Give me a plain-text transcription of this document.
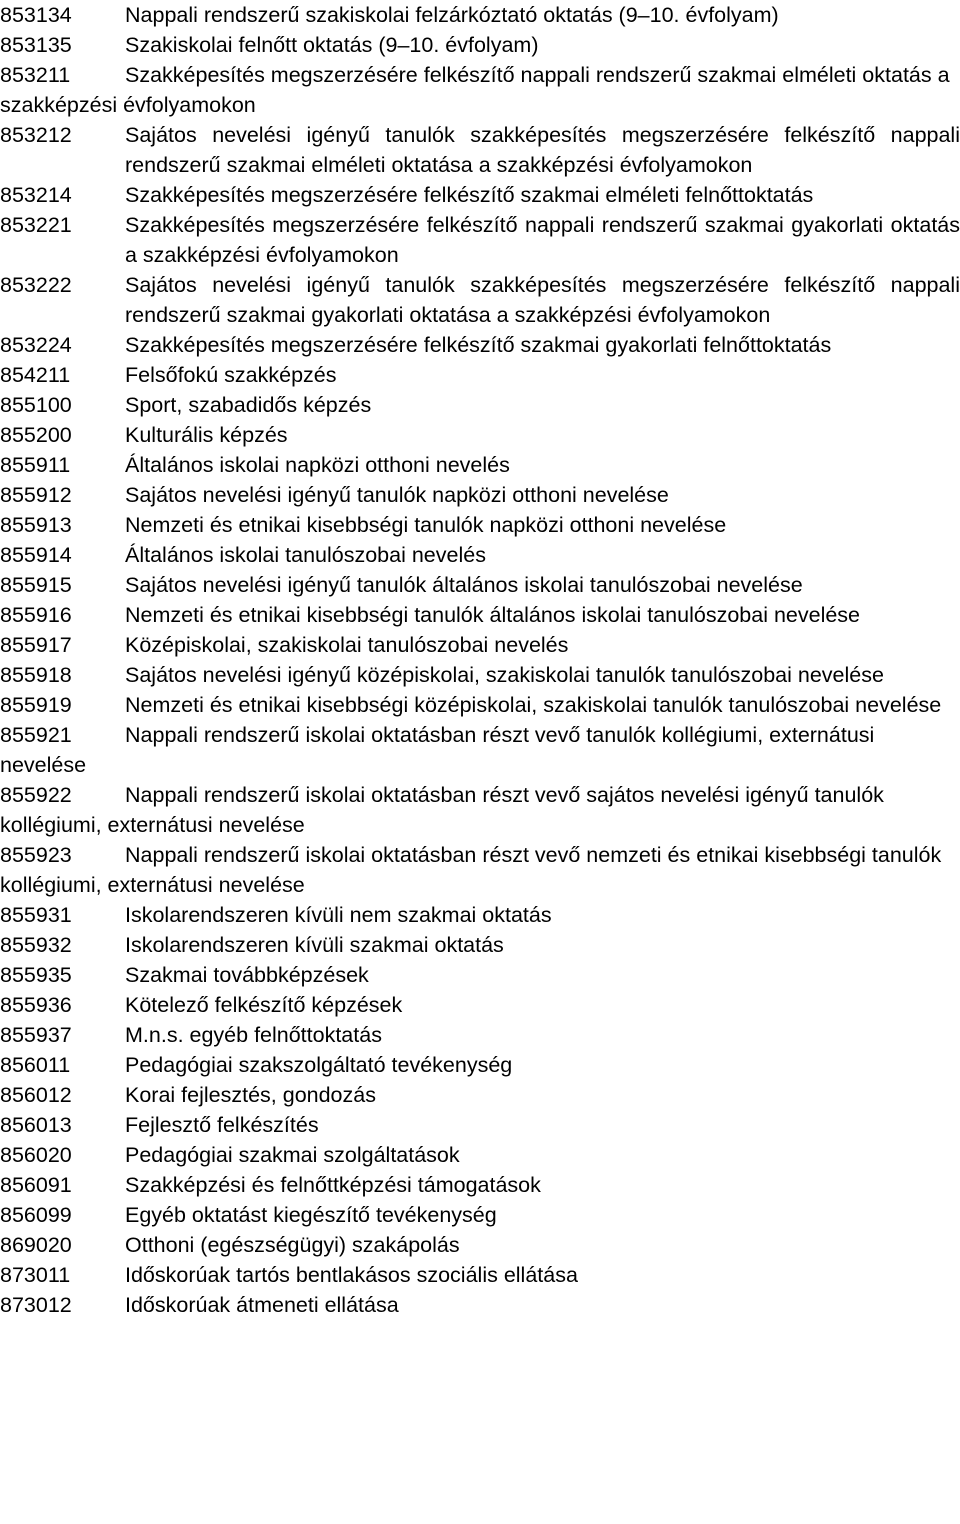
853134	Nappali rendszerű szakiskolai felzárkóztató oktatás (9–10. évfolyam)
853135	Szakiskolai felnőtt oktatás (9–10. évfolyam)
853211	Szakképesítés megszerzésére felkészítő nappali rendszerű szakmai elméleti oktatás a szakképzési évfolyamokon
853212	Sajátos nevelési igényű tanulók szakképesítés megszerzésére felkészítő nappali rendszerű szakmai elméleti oktatása a szakképzési évfolyamokon
853214	Szakképesítés megszerzésére felkészítő szakmai elméleti felnőttoktatás
853221	Szakképesítés megszerzésére felkészítő nappali rendszerű szakmai gyakorlati oktatás a szakképzési évfolyamokon
853222	Sajátos nevelési igényű tanulók szakképesítés megszerzésére felkészítő nappali rendszerű szakmai gyakorlati oktatása a szakképzési évfolyamokon
853224	Szakképesítés megszerzésére felkészítő szakmai gyakorlati felnőttoktatás
854211	Felsőfokú szakképzés
855100	Sport, szabadidős képzés
855200	Kulturális képzés
855911	Általános iskolai napközi otthoni nevelés
855912	Sajátos nevelési igényű tanulók napközi otthoni nevelése
855913	Nemzeti és etnikai kisebbségi tanulók napközi otthoni nevelése
855914	Általános iskolai tanulószobai nevelés
855915	Sajátos nevelési igényű tanulók általános iskolai tanulószobai nevelése
855916	Nemzeti és etnikai kisebbségi tanulók általános iskolai tanulószobai nevelése
855917	Középiskolai, szakiskolai tanulószobai nevelés
855918	Sajátos nevelési igényű középiskolai, szakiskolai tanulók tanulószobai nevelése
855919 Nemzeti és etnikai kisebbségi középiskolai, szakiskolai tanulók tanulószobai nevelése
855921 Nappali rendszerű iskolai oktatásban részt vevő tanulók kollégiumi, externátusi nevelése
855922 Nappali rendszerű iskolai oktatásban részt vevő sajátos nevelési igényű tanulók kollégiumi, externátusi nevelése
855923 Nappali rendszerű iskolai oktatásban részt vevő nemzeti és etnikai kisebbségi tanulók kollégiumi, externátusi nevelése
855931	Iskolarendszeren kívüli nem szakmai oktatás
855932	Iskolarendszeren kívüli szakmai oktatás
855935	Szakmai továbbképzések
855936	Kötelező felkészítő képzések
855937	M.n.s. egyéb felnőttoktatás
856011	Pedagógiai szakszolgáltató tevékenység
856012	Korai fejlesztés, gondozás
856013	Fejlesztő felkészítés
856020	Pedagógiai szakmai szolgáltatások
856091	Szakképzési és felnőttképzési támogatások
856099	Egyéb oktatást kiegészítő tevékenység
869020	Otthoni (egészségügyi) szakápolás
873011	Időskorúak tartós bentlakásos szociális ellátása
873012	Időskorúak átmeneti ellátása
